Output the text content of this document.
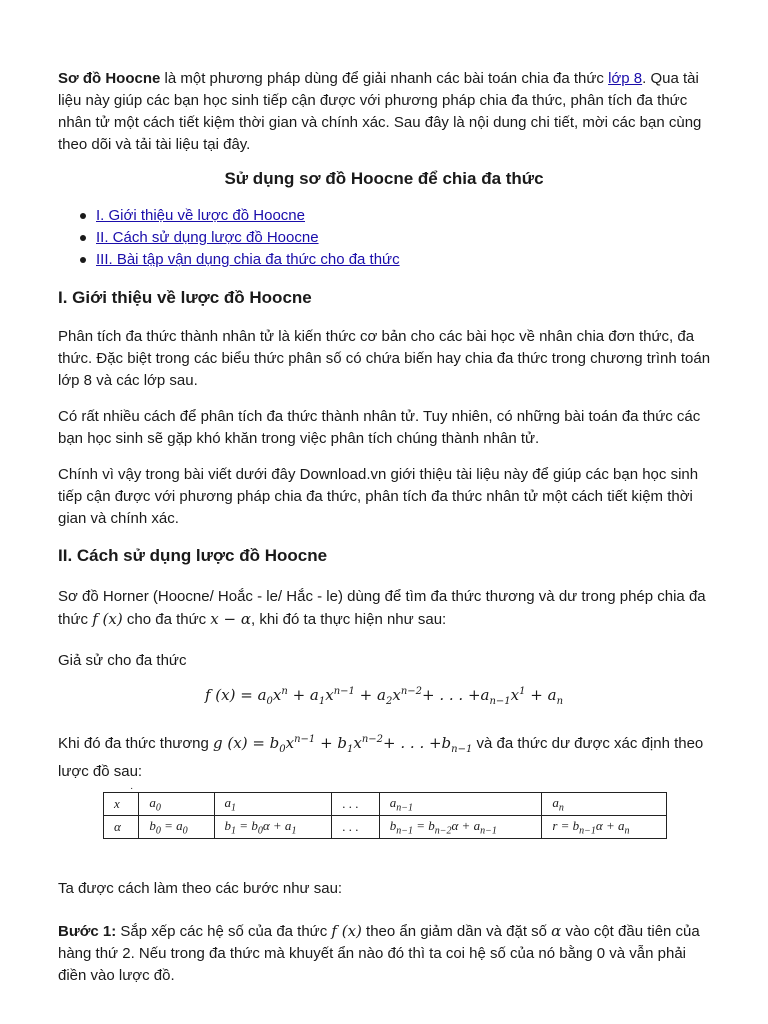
Sơ đồ Hoocne là một phương pháp dùng để giải nhanh các bài toán chia đa thức lớp 8. Qua tài liệu này giúp các bạn học sinh tiếp cận được với phương pháp chia đa thức, phân tích đa thức nhân tử một cách tiết kiệm thời gian và chính xác. Sau đây là nội dung chi tiết, mời các bạn cùng theo dõi và tải tài liệu tại đây.

Sử dụng sơ đồ Hoocne để chia đa thức
I. Giới thiệu về lược đồ Hoocne
II. Cách sử dụng lược đồ Hoocne
III. Bài tập vận dụng chia đa thức cho đa thức
I. Giới thiệu về lược đồ Hoocne

Phân tích đa thức thành nhân tử là kiến thức cơ bản cho các bài học về nhân chia đơn thức, đa thức. Đặc biệt trong các biểu thức phân số có chứa biến hay chia đa thức trong chương trình toán lớp 8 và các lớp sau.

Có rất nhiều cách để phân tích đa thức thành nhân tử. Tuy nhiên, có những bài toán đa thức các bạn học sinh sẽ gặp khó khăn trong việc phân tích chúng thành nhân tử.

Chính vì vậy trong bài viết dưới đây Download.vn giới thiệu tài liệu này để giúp các bạn học sinh tiếp cận được với phương pháp chia đa thức, phân tích đa thức nhân tử một cách tiết kiệm thời gian và chính xác.

II. Cách sử dụng lược đồ Hoocne

Sơ đồ Horner (Hoocne/ Hoắc - le/ Hắc - le) dùng để tìm đa thức thương và dư trong phép chia đa thức f (x) cho đa thức x − α, khi đó ta thực hiện như sau:

Giả sử cho đa thức

f $(x) = a_0x^n + a_1x^{n-1} + a_2x^{n-2}+$ . . . $+a_{n-1}x^1 + a_n$

Khi đó đa thức thương g $(x) = b_0x^{n-1} + b_1x^{n-2}+$ . . . $+b_{n-1}$ và đa thức dư được xác định theo lược đồ sau:

·
x	$a_0$	$a_1$	. . .	$a_{n-1}$	$a_n$
α	$b_0 = a_0$	$b_1 = b_0\alpha + a_1$	. . .	$b_{n-1} = b_{n-2}\alpha + a_{n-1}$	$r = b_{n-1}\alpha + a_n$

Ta được cách làm theo các bước như sau:

Bước 1: Sắp xếp các hệ số của đa thức f (x) theo ẩn giảm dần và đặt số α vào cột đầu tiên của hàng thứ 2. Nếu trong đa thức mà khuyết ẩn nào đó thì ta coi hệ số của nó bằng 0 và vẫn phải điền vào lược đồ.
